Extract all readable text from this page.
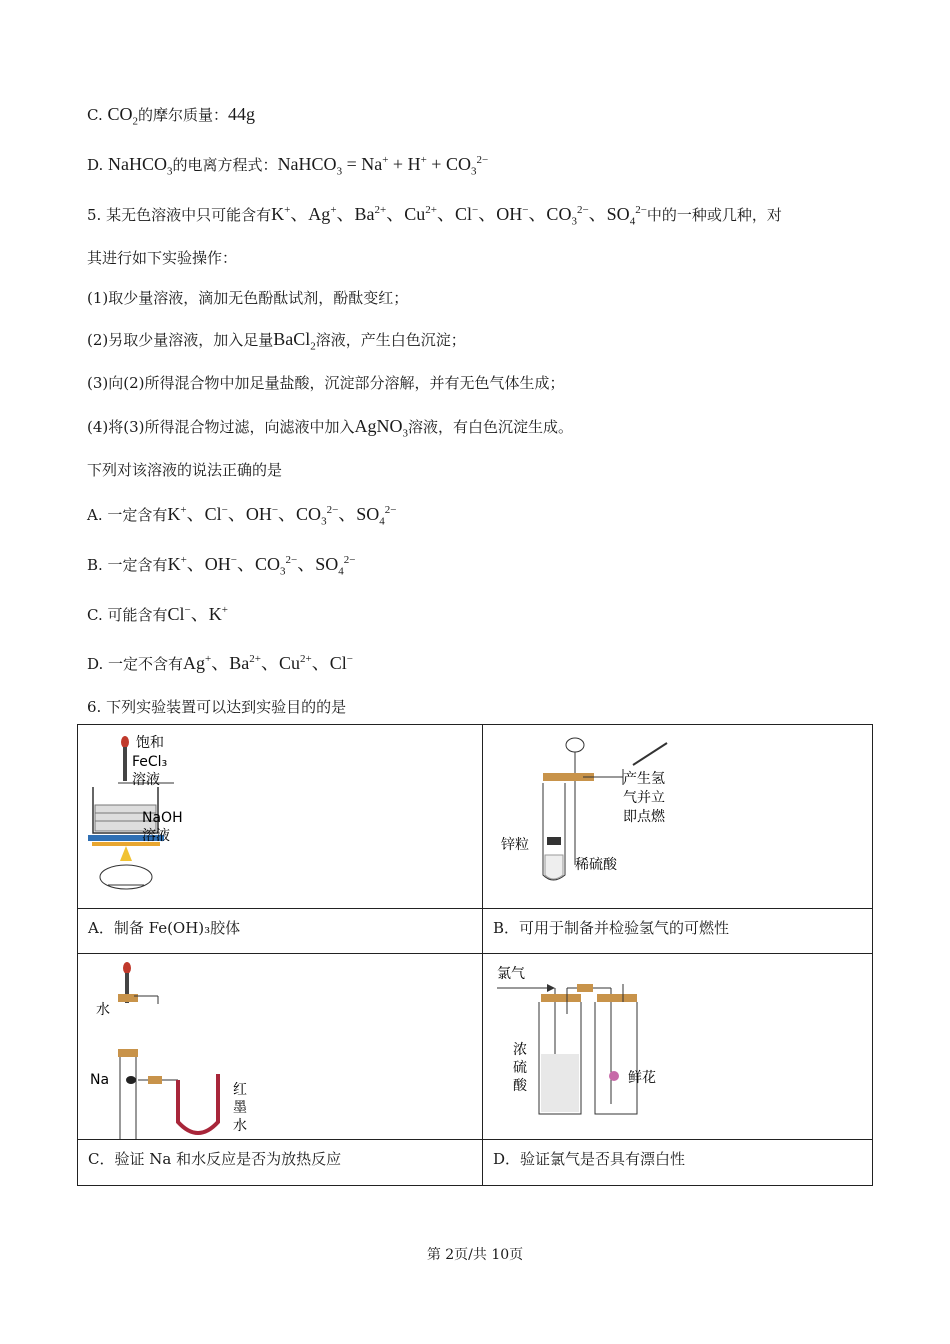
C. $CO_2$的摩尔质量：44g
D. NaHCO$_3$的电离方程式：NaHCO$_3$ = $Na^+ + H^+ + CO_3^{2-}$
5. 某无色溶液中只可能含有K+、Ag+、$Ba^{2+}$、$Cu^{2+}$、Cl−、OH−、$CO_3^{2-}$、$SO_4^{2-}$中的一种或几种，对
其进行如下实验操作：
(1)取少量溶液，滴加无色酚酞试剂，酚酞变红；
(2)另取少量溶液，加入足量BaCl$_2$溶液，产生白色沉淀；
(3)向(2)所得混合物中加足量盐酸，沉淀部分溶解，并有无色气体生成；
(4)将(3)所得混合物过滤，向滤液中加入AgNO$_3$溶液，有白色沉淀生成。
下列对该溶液的说法正确的是
A. 一定含有K+、Cl−、OH−、$CO_3^{2-}$、$SO_4^{2-}$
B. 一定含有K+、OH−、$CO_3^{2-}$、$SO_4^{2-}$
C. 可能含有Cl−、K+
D. 一定不含有Ag+、$Ba^{2+}$、$Cu^{2+}$、Cl−
6. 下列实验装置可以达到实验目的的是
饱和
FeCl₃
溶液
NaOH
溶液
产生氢
气并立
即点燃
锌粒
稀硫酸
A．制备 Fe(OH)₃胶体	B．可用于制备并检验氢气的可燃性
水
Na
红
墨
水
氯气
浓
硫
酸	鲜花
C．验证 Na 和水反应是否为放热反应	D．验证氯气是否具有漂白性
第 2页/共 10页
